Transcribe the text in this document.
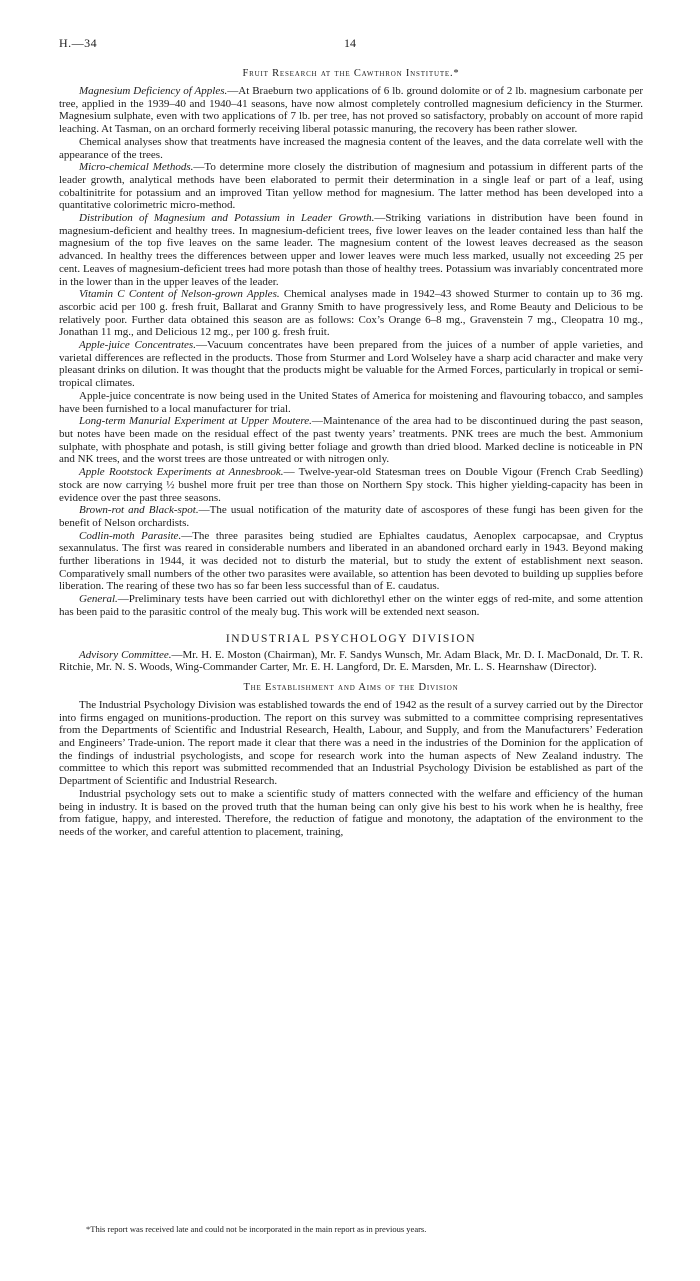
H.—34	14
Fruit Research at the Cawthron Institute.*

Magnesium Deficiency of Apples.—At Braeburn two applications of 6 lb. ground dolomite or of 2 lb. magnesium carbonate per tree, applied in the 1939–40 and 1940–41 seasons, have now almost completely controlled magnesium deficiency in the Sturmer. Magnesium sulphate, even with two applications of 7 lb. per tree, has not proved so satisfactory, probably on account of more rapid leaching. At Tasman, on an orchard formerly receiving liberal potassic manuring, the recovery has been rather slower.

Chemical analyses show that treatments have increased the magnesia content of the leaves, and the data correlate well with the appearance of the trees.

Micro-chemical Methods.—To determine more closely the distribution of magnesium and potassium in different parts of the leader growth, analytical methods have been elaborated to permit their determination in a single leaf or part of a leaf, using cobaltinitrite for potassium and an improved Titan yellow method for magnesium. The latter method has been developed into a quantitative colorimetric micro-method.

Distribution of Magnesium and Potassium in Leader Growth.—Striking variations in distribution have been found in magnesium-deficient and healthy trees. In magnesium-deficient trees, five lower leaves on the leader contained less than half the magnesium of the top five leaves on the same leader. The magnesium content of the lowest leaves decreased as the season advanced. In healthy trees the differences between upper and lower leaves were much less marked, usually not exceeding 25 per cent. Leaves of magnesium-deficient trees had more potash than those of healthy trees. Potassium was invariably concentrated more in the lower than in the upper leaves of the leader.

Vitamin C Content of Nelson-grown Apples. Chemical analyses made in 1942–43 showed Sturmer to contain up to 36 mg. ascorbic acid per 100 g. fresh fruit, Ballarat and Granny Smith to have progressively less, and Rome Beauty and Delicious to be relatively poor. Further data obtained this season are as follows: Cox’s Orange 6–8 mg., Gravenstein 7 mg., Cleopatra 10 mg., Jonathan 11 mg., and Delicious 12 mg., per 100 g. fresh fruit.

Apple-juice Concentrates.—Vacuum concentrates have been prepared from the juices of a number of apple varieties, and varietal differences are reflected in the products. Those from Sturmer and Lord Wolseley have a sharp acid character and make very pleasant drinks on dilution. It was thought that the products might be valuable for the Armed Forces, particularly in tropical or semi-tropical climates.

Apple-juice concentrate is now being used in the United States of America for moistening and flavouring tobacco, and samples have been furnished to a local manufacturer for trial.

Long-term Manurial Experiment at Upper Moutere.—Maintenance of the area had to be discontinued during the past season, but notes have been made on the residual effect of the past twenty years’ treatments. PNK trees are much the best. Ammonium sulphate, with phosphate and potash, is still giving better foliage and growth than dried blood. Marked decline is noticeable in PN and NK trees, and the worst trees are those untreated or with nitrogen only.

Apple Rootstock Experiments at Annesbrook.— Twelve-year-old Statesman trees on Double Vigour (French Crab Seedling) stock are now carrying ½ bushel more fruit per tree than those on Northern Spy stock. This higher yielding-capacity has been in evidence over the past three seasons.

Brown-rot and Black-spot.—The usual notification of the maturity date of ascospores of these fungi has been given for the benefit of Nelson orchardists.

Codlin-moth Parasite.—The three parasites being studied are Ephialtes caudatus, Aenoplex carpocapsae, and Cryptus sexannulatus. The first was reared in considerable numbers and liberated in an abandoned orchard early in 1943. Beyond making further liberations in 1944, it was decided not to disturb the material, but to study the extent of establishment next season. Comparatively small numbers of the other two parasites were available, so attention has been devoted to building up supplies before liberation. The rearing of these two has so far been less successful than of E. caudatus.

General.—Preliminary tests have been carried out with dichlorethyl ether on the winter eggs of red-mite, and some attention has been paid to the parasitic control of the mealy bug. This work will be extended next season.

INDUSTRIAL PSYCHOLOGY DIVISION

Advisory Committee.—Mr. H. E. Moston (Chairman), Mr. F. Sandys Wunsch, Mr. Adam Black, Mr. D. I. MacDonald, Dr. T. R. Ritchie, Mr. N. S. Woods, Wing-Commander Carter, Mr. E. H. Langford, Dr. E. Marsden, Mr. L. S. Hearnshaw (Director).

The Establishment and Aims of the Division

The Industrial Psychology Division was established towards the end of 1942 as the result of a survey carried out by the Director into firms engaged on munitions-production. The report on this survey was submitted to a committee comprising representatives from the Departments of Scientific and Industrial Research, Health, Labour, and Supply, and from the Manufacturers’ Federation and Engineers’ Trade-union. The report made it clear that there was a need in the industries of the Dominion for the application of the findings of industrial psychologists, and scope for research work into the human aspects of New Zealand industry. The committee to which this report was submitted recommended that an Industrial Psychology Division be established as part of the Department of Scientific and Industrial Research.

Industrial psychology sets out to make a scientific study of matters connected with the welfare and efficiency of the human being in industry. It is based on the proved truth that the human being can only give his best to his work when he is healthy, free from fatigue, happy, and interested. Therefore, the reduction of fatigue and monotony, the adaptation of the environment to the needs of the worker, and careful attention to placement, training,

*This report was received late and could not be incorporated in the main report as in previous years.
